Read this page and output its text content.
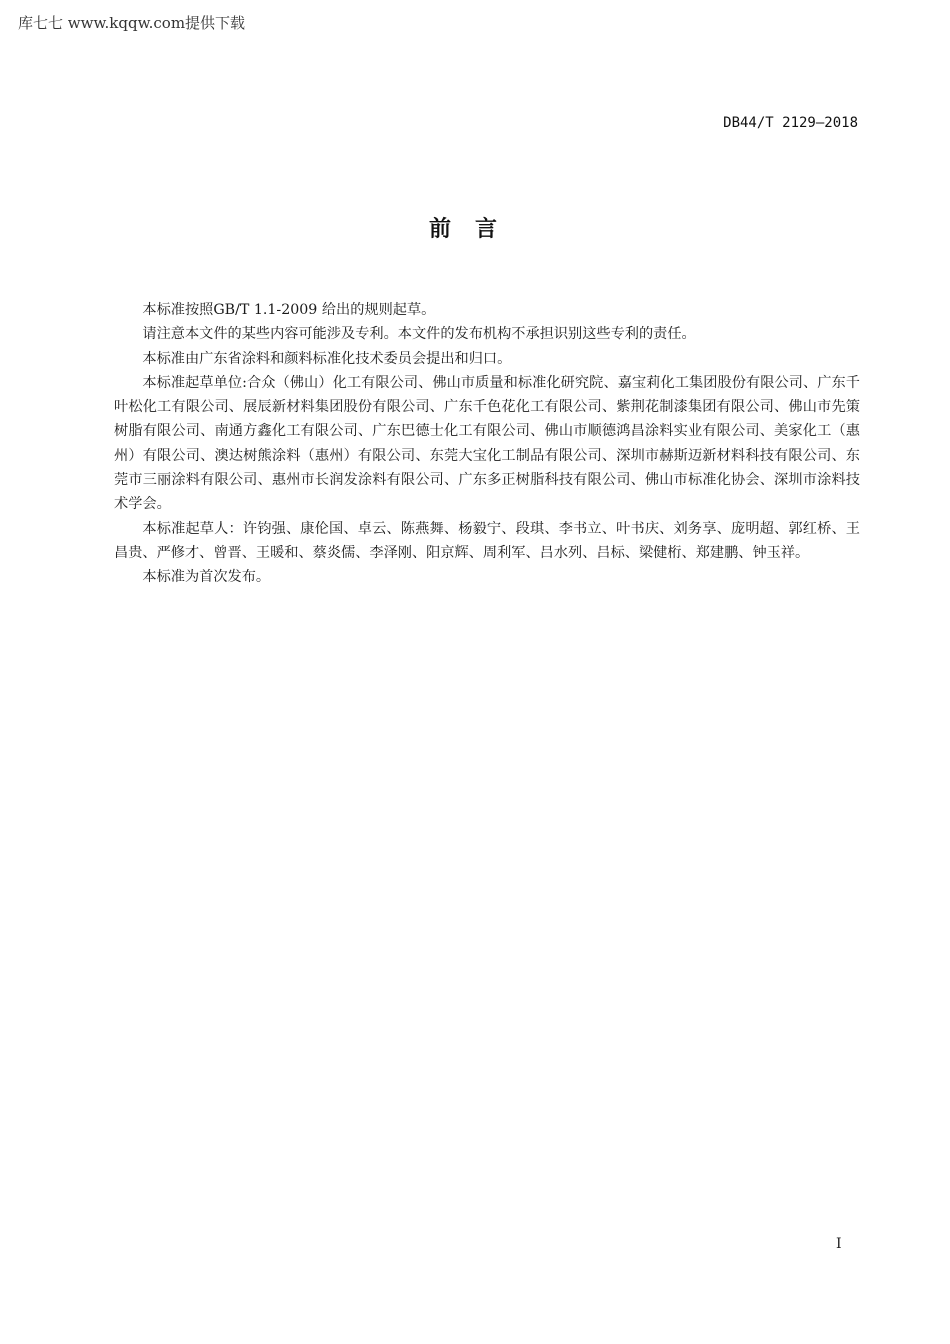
库七七 www.kqqw.com提供下载
DB44/T 2129—2018
前言

本标准按照GB/T 1.1-2009 给出的规则起草。

请注意本文件的某些内容可能涉及专利。本文件的发布机构不承担识别这些专利的责任。

本标准由广东省涂料和颜料标准化技术委员会提出和归口。

本标准起草单位:合众（佛山）化工有限公司、佛山市质量和标准化研究院、嘉宝莉化工集团股份有限公司、广东千叶松化工有限公司、展辰新材料集团股份有限公司、广东千色花化工有限公司、紫荆花制漆集团有限公司、佛山市先策树脂有限公司、南通方鑫化工有限公司、广东巴德士化工有限公司、佛山市顺德鸿昌涂料实业有限公司、美家化工（惠州）有限公司、澳达树熊涂料（惠州）有限公司、东莞大宝化工制品有限公司、深圳市赫斯迈新材料科技有限公司、东莞市三丽涂料有限公司、惠州市长润发涂料有限公司、广东多正树脂科技有限公司、佛山市标准化协会、深圳市涂料技术学会。

本标准起草人：许钧强、康伦国、卓云、陈燕舞、杨毅宁、段琪、李书立、叶书庆、刘务享、庞明超、郭红桥、王昌贵、严修才、曾晋、王暖和、蔡炎儒、李泽刚、阳京辉、周利军、吕水列、吕标、梁健桁、郑建鹏、钟玉祥。

本标准为首次发布。

I
